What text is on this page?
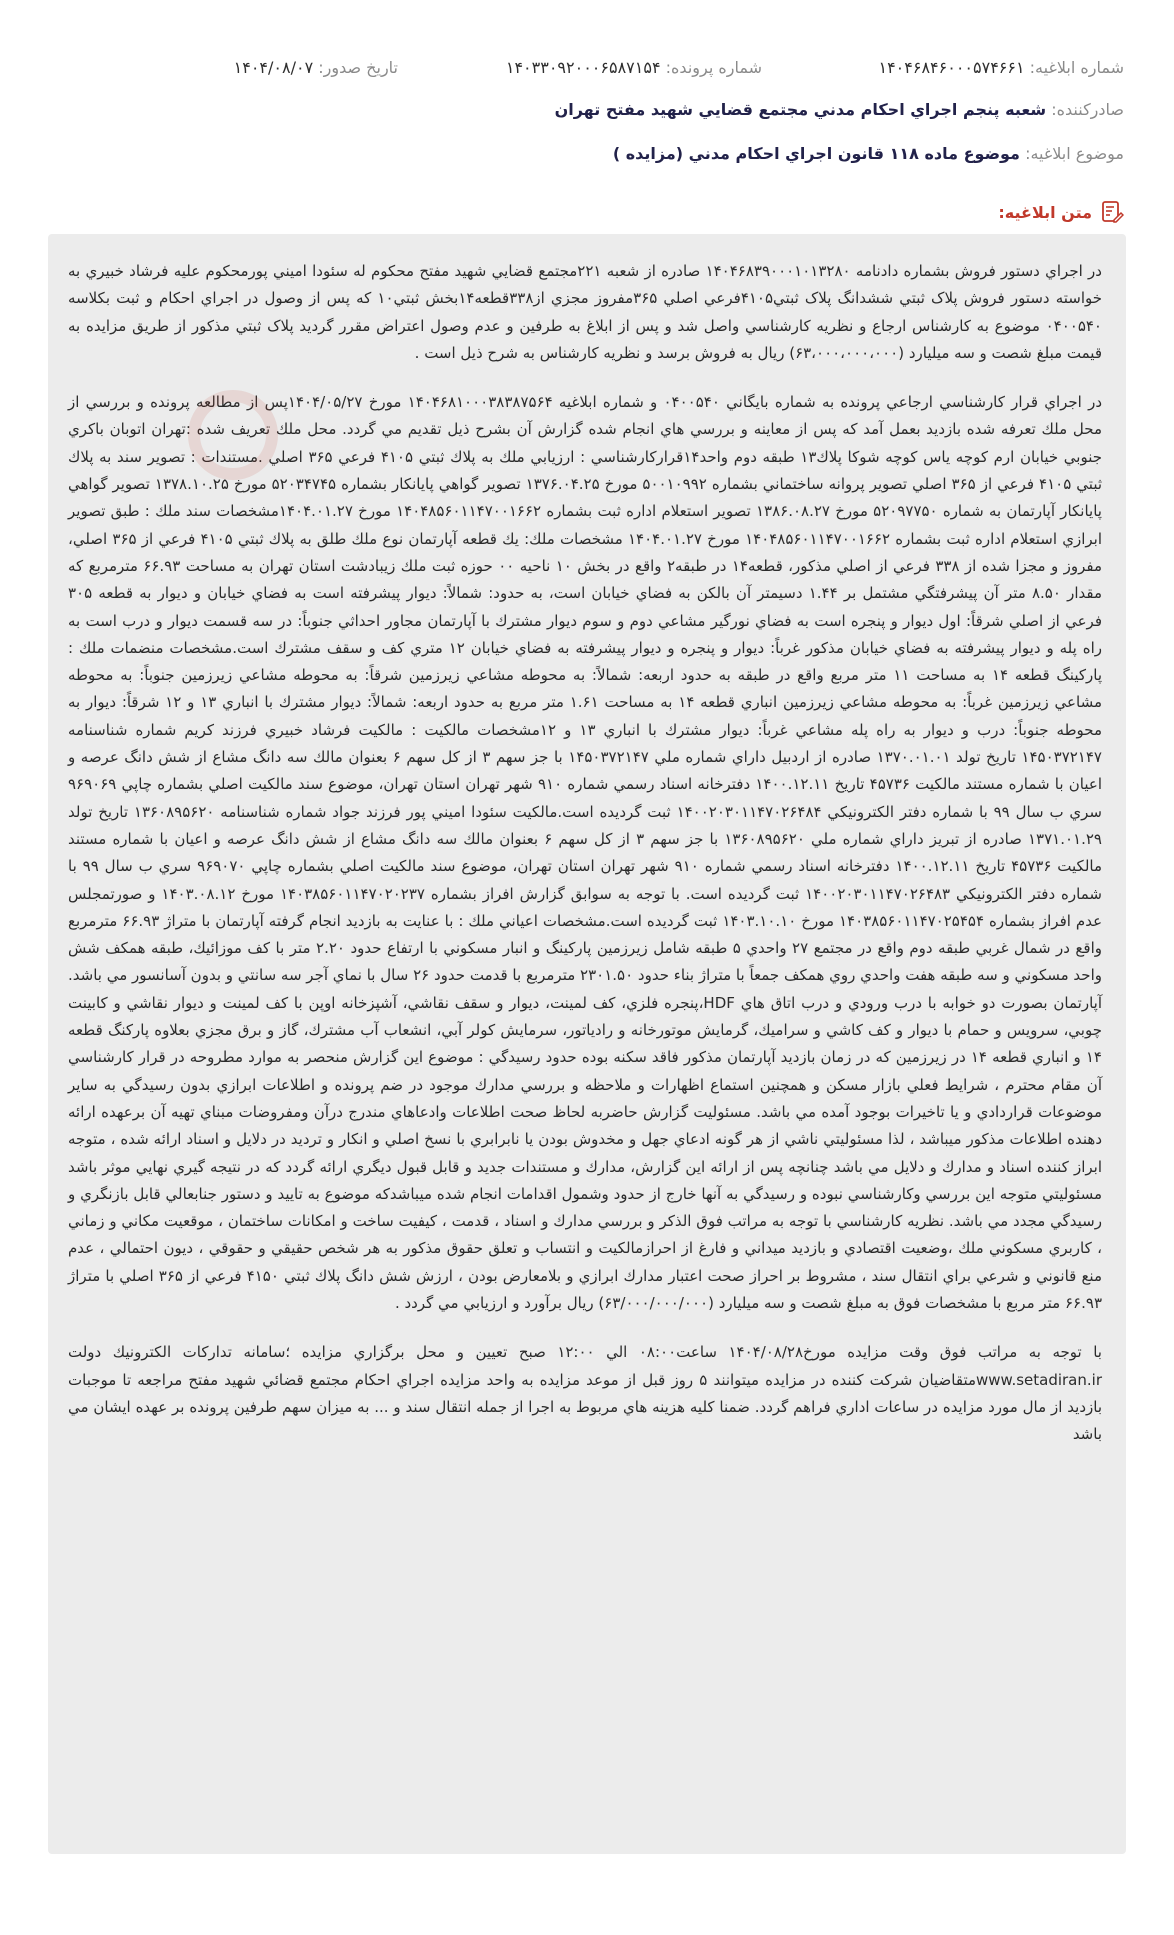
شماره ابلاغیه: ۱۴۰۴۶۸۴۶۰۰۰۵۷۴۶۶۱
شماره پرونده: ۱۴۰۳۳۰۹۲۰۰۰۶۵۸۷۱۵۴
تاریخ صدور: ۱۴۰۴/۰۸/۰۷
صادرکننده: شعبه پنجم اجراي احکام مدني مجتمع قضايي شهيد مفتح تهران
موضوع ابلاغیه: موضوع ماده ۱۱۸ قانون اجراي احکام مدني (مزايده )
متن ابلاغیه:

در اجراي دستور فروش بشماره دادنامه ۱۴۰۴۶۸۳۹۰۰۰۱۰۱۳۲۸۰ صادره از شعبه ۲۲۱مجتمع قضايي شهيد مفتح محکوم له سئودا اميني پورمحکوم عليه فرشاد خبيري به خواسته دستور فروش پلاک ثبتي ششدانگ پلاک ثبتي۴۱۰۵فرعي اصلي ۳۶۵مفروز مجزي از۳۳۸قطعه۱۴بخش ثبتي۱۰ که پس از وصول در اجراي احکام و ثبت بکلاسه ۰۴۰۰۵۴۰ موضوع به کارشناس ارجاع و نظريه کارشناسي واصل شد و پس از ابلاغ به طرفين و عدم وصول اعتراض مقرر گرديد پلاک ثبتي مذکور از طريق مزايده به قيمت مبلغ شصت و سه ميليارد (۶۳،۰۰۰،۰۰۰،۰۰۰) ريال به فروش برسد و نظريه کارشناس به شرح ذيل است .

در اجراي قرار کارشناسي ارجاعي پرونده به شماره بايگاني ۰۴۰۰۵۴۰ و شماره ابلاغيه ۱۴۰۴۶۸۱۰۰۰۳۸۳۸۷۵۶۴ مورخ ۱۴۰۴/۰۵/۲۷پس از مطالعه پرونده و بررسي از محل ملك تعرفه شده بازديد بعمل آمد كه پس از معاينه و بررسي هاي انجام شده گزارش آن بشرح ذيل تقديم مي گردد. محل ملك تعريف شده :تهران اتوبان باكري جنوبي خيابان ارم كوچه ياس كوچه شوكا پلاك۱۳ طبقه دوم واحد۱۴قرارکارشناسي : ارزيابي ملك به پلاك ثبتي ۴۱۰۵ فرعي ۳۶۵ اصلي .مستندات : تصوير سند به پلاك ثبتي ۴۱۰۵ فرعي از ۳۶۵ اصلي تصوير پروانه ساختماني بشماره ۵۰۰۱۰۹۹۲ مورخ ۱۳۷۶.۰۴.۲۵ تصوير گواهي پايانكار بشماره ۵۲۰۳۴۷۴۵ مورخ ۱۳۷۸.۱۰.۲۵ تصوير گواهي پايانكار آپارتمان به شماره ۵۲۰۹۷۷۵۰ مورخ ۱۳۸۶.۰۸.۲۷ تصوير استعلام اداره ثبت بشماره ۱۴۰۴۸۵۶۰۱۱۴۷۰۰۱۶۶۲ مورخ ۱۴۰۴.۰۱.۲۷مشخصات سند ملك : طبق تصوير ابرازي استعلام اداره ثبت بشماره ۱۴۰۴۸۵۶۰۱۱۴۷۰۰۱۶۶۲ مورخ ۱۴۰۴.۰۱.۲۷ مشخصات ملك: يك قطعه آپارتمان نوع ملك طلق به پلاك ثبتي ۴۱۰۵ فرعي از ۳۶۵ اصلي، مفروز و مجزا شده از ۳۳۸ فرعي از اصلي مذكور، قطعه۱۴ در طبقه۲ واقع در بخش ۱۰ ناحيه ۰۰ حوزه ثبت ملك زيبادشت استان تهران به مساحت ۶۶.۹۳ مترمربع كه مقدار ۸.۵۰ متر آن پيشرفتگي مشتمل بر ۱.۴۴ دسيمتر آن بالكن به فضاي خيابان است، به حدود: شمالاً: ديوار پيشرفته است به فضاي خيابان و ديوار به قطعه ۳۰۵ فرعي از اصلي شرقاً: اول ديوار و پنجره است به فضاي نورگير مشاعي دوم و سوم ديوار مشترك با آپارتمان مجاور احداثي جنوباً: در سه قسمت ديوار و درب است به راه پله و ديوار پيشرفته به فضاي خيابان مذكور غرباً: ديوار و پنجره و ديوار پيشرفته به فضاي خيابان ۱۲ متري كف و سقف مشترك است.مشخصات منضمات ملك : پاركينگ قطعه ۱۴ به مساحت ۱۱ متر مربع واقع در طبقه به حدود اربعه: شمالاً: به محوطه مشاعي زيرزمين شرقاً: به محوطه مشاعي زيرزمين جنوباً: به محوطه مشاعي زيرزمين غرباً: به محوطه مشاعي زيرزمين انباري قطعه ۱۴ به مساحت ۱.۶۱ متر مربع به حدود اربعه: شمالاً: ديوار مشترك با انباري ۱۳ و ۱۲ شرقاً: ديوار به محوطه جنوباً: درب و ديوار به راه پله مشاعي غرباً: ديوار مشترك با انباري ۱۳ و ۱۲مشخصات مالكيت : مالكيت فرشاد خبيري فرزند كريم شماره شناسنامه ۱۴۵۰۳۷۲۱۴۷ تاريخ تولد ۱۳۷۰.۰۱.۰۱ صادره از اردبيل داراي شماره ملي ۱۴۵۰۳۷۲۱۴۷ با جز سهم ۳ از كل سهم ۶ بعنوان مالك سه دانگ مشاع از شش دانگ عرصه و اعيان با شماره مستند مالكيت ۴۵۷۳۶ تاريخ ۱۴۰۰.۱۲.۱۱ دفترخانه اسناد رسمي شماره ۹۱۰ شهر تهران استان تهران، موضوع سند مالكيت اصلي بشماره چاپي ۹۶۹۰۶۹ سري ب سال ۹۹ با شماره دفتر الكترونيكي ۱۴۰۰۲۰۳۰۱۱۴۷۰۲۶۴۸۴ ثبت گرديده است.مالكيت سئودا اميني پور فرزند جواد شماره شناسنامه ۱۳۶۰۸۹۵۶۲۰ تاريخ تولد ۱۳۷۱.۰۱.۲۹ صادره از تبريز داراي شماره ملي ۱۳۶۰۸۹۵۶۲۰ با جز سهم ۳ از كل سهم ۶ بعنوان مالك سه دانگ مشاع از شش دانگ عرصه و اعيان با شماره مستند مالكيت ۴۵۷۳۶ تاريخ ۱۴۰۰.۱۲.۱۱ دفترخانه اسناد رسمي شماره ۹۱۰ شهر تهران استان تهران، موضوع سند مالكيت اصلي بشماره چاپي ۹۶۹۰۷۰ سري ب سال ۹۹ با شماره دفتر الكترونيكي ۱۴۰۰۲۰۳۰۱۱۴۷۰۲۶۴۸۳ ثبت گرديده است. با توجه به سوابق گزارش افراز بشماره ۱۴۰۳۸۵۶۰۱۱۴۷۰۲۰۲۳۷ مورخ ۱۴۰۳.۰۸.۱۲ و صورتمجلس عدم افراز بشماره ۱۴۰۳۸۵۶۰۱۱۴۷۰۲۵۴۵۴ مورخ ۱۴۰۳.۱۰.۱۰ ثبت گرديده است.مشخصات اعياني ملك : با عنايت به بازديد انجام گرفته آپارتمان با متراژ ۶۶.۹۳ مترمربع واقع در شمال غربي طبقه دوم واقع در مجتمع ۲۷ واحدي ۵ طبقه شامل زيرزمين پاركينگ و انبار مسكوني با ارتفاع حدود ۲.۲۰ متر با كف موزائيك، طبقه همكف شش واحد مسكوني و سه طبقه هفت واحدي روي همكف جمعاً با متراژ بناء حدود ۲۳۰۱.۵۰ مترمربع با قدمت حدود ۲۶ سال با نماي آجر سه سانتي و بدون آسانسور مي باشد. آپارتمان بصورت دو خوابه با درب ورودي و درب اتاق هاي HDF،پنجره فلزي، كف لمينت، ديوار و سقف نقاشي، آشپزخانه اوپن با كف لمينت و ديوار نقاشي و كابينت چوبي، سرويس و حمام با ديوار و كف كاشي و سراميك، گرمايش موتورخانه و رادياتور، سرمايش كولر آبي، انشعاب آب مشترك، گاز و برق مجزي بعلاوه پاركنگ قطعه ۱۴ و انباري قطعه ۱۴ در زيرزمين كه در زمان بازديد آپارتمان مذكور فاقد سكنه بوده حدود رسيدگي : موضوع اين گزارش منحصر به موارد مطروحه در قرار كارشناسي آن مقام محترم ، شرايط فعلي بازار مسكن و همچنين استماع اظهارات و ملاحظه و بررسي مدارك موجود در ضم پرونده و اطلاعات ابرازي بدون رسيدگي به ساير موضوعات قراردادي و يا تاخيرات بوجود آمده مي باشد. مسئوليت گزارش حاضربه لحاظ صحت اطلاعات وادعاهاي مندرج درآن ومفروضات مبناي تهيه آن برعهده ارائه دهنده اطلاعات مذكور ميباشد ، لذا مسئوليتي ناشي از هر گونه ادعاي جهل و مخدوش بودن يا نابرابري با نسخ اصلي و انكار و ترديد در دلايل و اسناد ارائه شده ، متوجه ابراز كننده اسناد و مدارك و دلايل مي باشد چنانچه پس از ارائه اين گزارش، مدارك و مستندات جديد و قابل قبول ديگري ارائه گردد كه در نتيجه گيري نهايي موثر باشد مسئوليتي متوجه اين بررسي وكارشناسي نبوده و رسيدگي به آنها خارج از حدود وشمول اقدامات انجام شده ميباشدكه موضوع به تاييد و دستور جنابعالي قابل بازنگري و رسيدگي مجدد مي باشد. نظريه كارشناسي با توجه به مراتب فوق الذكر و بررسي مدارك و اسناد ، قدمت ، كيفيت ساخت و امكانات ساختمان ، موقعيت مكاني و زماني ، كاربري مسكوني ملك ،وضعيت اقتصادي و بازديد ميداني و فارغ از احرازمالكيت و انتساب و تعلق حقوق مذكور به هر شخص حقيقي و حقوقي ، ديون احتمالي ، عدم منع قانوني و شرعي براي انتقال سند ، مشروط بر احراز صحت اعتبار مدارك ابرازي و بلامعارض بودن ، ارزش شش دانگ پلاك ثبتي ۴۱۵۰ فرعي از ۳۶۵ اصلي با متراژ ۶۶.۹۳ متر مربع با مشخصات فوق به مبلغ شصت و سه ميليارد (۶۳/۰۰۰/۰۰۰/۰۰۰) ريال برآورد و ارزيابي مي گردد .

با توجه به مراتب فوق وقت مزايده مورخ۱۴۰۴/۰۸/۲۸ ساعت۰۸:۰۰ الي ۱۲:۰۰ صبح تعيين و محل برگزاري مزايده ؛سامانه تداركات الكترونيك دولت www.setadiran.irمتقاضيان شركت كننده در مزايده ميتوانند ۵ روز قبل از موعد مزايده به واحد مزايده اجراي احكام مجتمع قضائي شهيد مفتح مراجعه تا موجبات بازديد از مال مورد مزايده در ساعات اداري فراهم گردد. ضمنا كليه هزينه هاي مربوط به اجرا از جمله انتقال سند و ... به ميزان سهم طرفين پرونده بر عهده ايشان مي باشد
